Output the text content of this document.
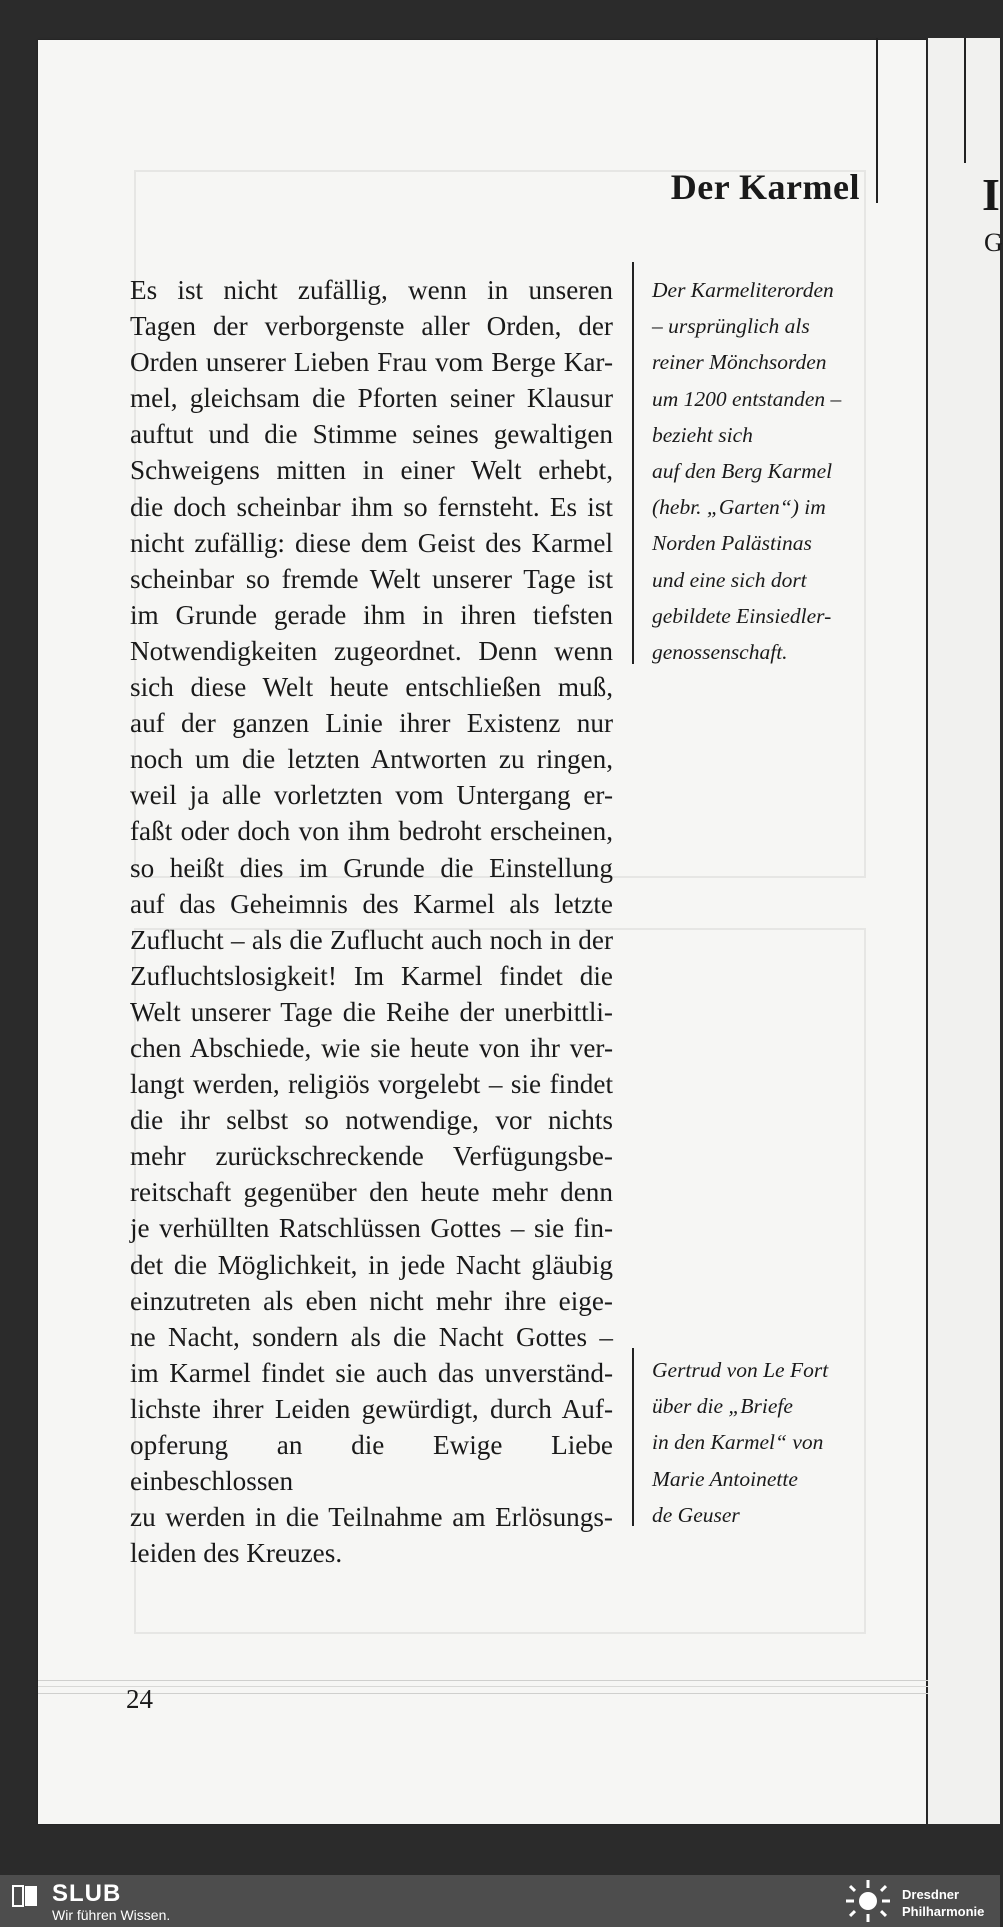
I
G
Der Karmel
Es ist nicht zufällig, wenn in unseren
Tagen der verborgenste aller Orden, der
Orden unserer Lieben Frau vom Berge Kar-
mel, gleichsam die Pforten seiner Klausur
auftut und die Stimme seines gewaltigen
Schweigens mitten in einer Welt erhebt,
die doch scheinbar ihm so fernsteht. Es ist
nicht zufällig: diese dem Geist des Karmel
scheinbar so fremde Welt unserer Tage ist
im Grunde gerade ihm in ihren tiefsten
Notwendigkeiten zugeordnet. Denn wenn
sich diese Welt heute entschließen muß,
auf der ganzen Linie ihrer Existenz nur
noch um die letzten Antworten zu ringen,
weil ja alle vorletzten vom Untergang er-
faßt oder doch von ihm bedroht erscheinen,
so heißt dies im Grunde die Einstellung
auf das Geheimnis des Karmel als letzte
Zuflucht – als die Zuflucht auch noch in der
Zufluchtslosigkeit! Im Karmel findet die
Welt unserer Tage die Reihe der unerbittli-
chen Abschiede, wie sie heute von ihr ver-
langt werden, religiös vorgelebt – sie findet
die ihr selbst so notwendige, vor nichts
mehr zurückschreckende Verfügungsbe-
reitschaft gegenüber den heute mehr denn
je verhüllten Ratschlüssen Gottes – sie fin-
det die Möglichkeit, in jede Nacht gläubig
einzutreten als eben nicht mehr ihre eige-
ne Nacht, sondern als die Nacht Gottes –
im Karmel findet sie auch das unverständ-
lichste ihrer Leiden gewürdigt, durch Auf-
opferung an die Ewige Liebe einbeschlossen
zu werden in die Teilnahme am Erlösungs-
leiden des Kreuzes.
Der Karmeliterorden
– ursprünglich als
reiner Mönchsorden
um 1200 entstanden –
bezieht sich
auf den Berg Karmel
(hebr. „Garten“) im
Norden Palästinas
und eine sich dort
gebildete Einsiedler-
genossenschaft.
Gertrud von Le Fort
über die „Briefe
in den Karmel“ von
Marie Antoinette
de Geuser
24
SLUB
Wir führen Wissen.
Dresdner
Philharmonie
